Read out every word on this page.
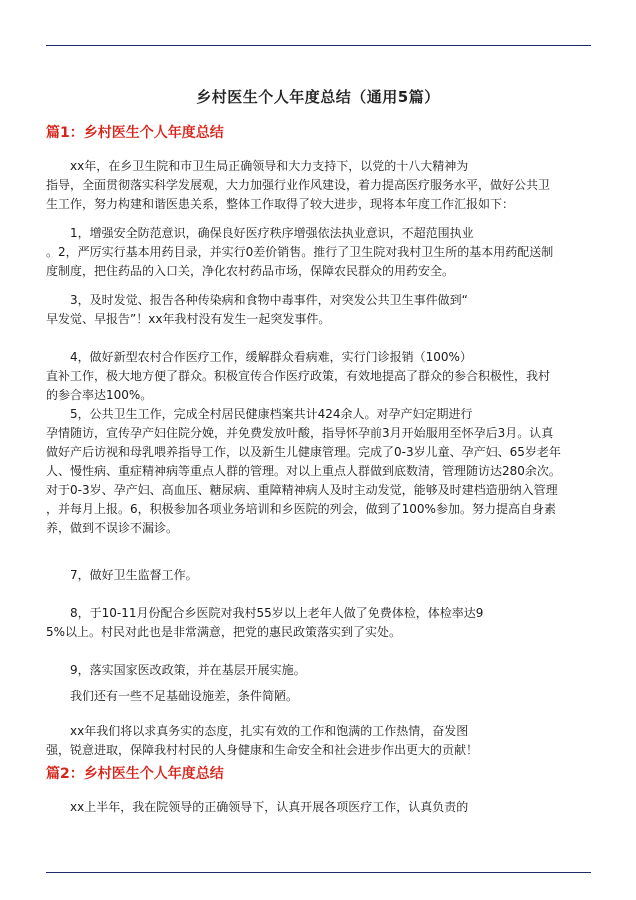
乡村医生个人年度总结（通用5篇）
篇1：乡村医生个人年度总结
xx年，在乡卫生院和市卫生局正确领导和大力支持下，以党的十八大精神为
指导，全面贯彻落实科学发展观，大力加强行业作风建设，着力提高医疗服务水平，做好公共卫
生工作，努力构建和谐医患关系，整体工作取得了较大进步，现将本年度工作汇报如下：
1，增强安全防范意识，确保良好医疗秩序增强依法执业意识，不超范围执业
。2，严厉实行基本用药目录，并实行0差价销售。推行了卫生院对我村卫生所的基本用药配送制
度制度，把住药品的入口关，净化农村药品市场，保障农民群众的用药安全。
3，及时发觉、报告各种传染病和食物中毒事件，对突发公共卫生事件做到“
早发觉、早报告”！xx年我村没有发生一起突发事件。
4，做好新型农村合作医疗工作，缓解群众看病难，实行门诊报销（100%）
直补工作，极大地方便了群众。积极宣传合作医疗政策，有效地提高了群众的参合积极性，我村
的参合率达100%。
5，公共卫生工作，完成全村居民健康档案共计424余人。对孕产妇定期进行
孕情随访，宣传孕产妇住院分娩，并免费发放叶酸，指导怀孕前3月开始服用至怀孕后3月。认真
做好产后访视和母乳喂养指导工作，以及新生儿健康管理。完成了0-3岁儿童、孕产妇、65岁老年
人、慢性病、重症精神病等重点人群的管理。对以上重点人群做到底数清，管理随访达280余次。
对于0-3岁、孕产妇、高血压、糖尿病、重障精神病人及时主动发觉，能够及时建档造册纳入管理
，并每月上报。6，积极参加各项业务培训和乡医院的列会，做到了100%参加。努力提高自身素
养，做到不误诊不漏诊。
7，做好卫生监督工作。
8，于10-11月份配合乡医院对我村55岁以上老年人做了免费体检，体检率达9
5%以上。村民对此也是非常满意，把党的惠民政策落实到了实处。
9，落实国家医改政策，并在基层开展实施。
我们还有一些不足基础设施差，条件简陋。
xx年我们将以求真务实的态度，扎实有效的工作和饱满的工作热情，奋发图
强，锐意进取，保障我村村民的人身健康和生命安全和社会进步作出更大的贡献！
篇2：乡村医生个人年度总结
xx上半年，我在院领导的正确领导下，认真开展各项医疗工作，认真负责的
